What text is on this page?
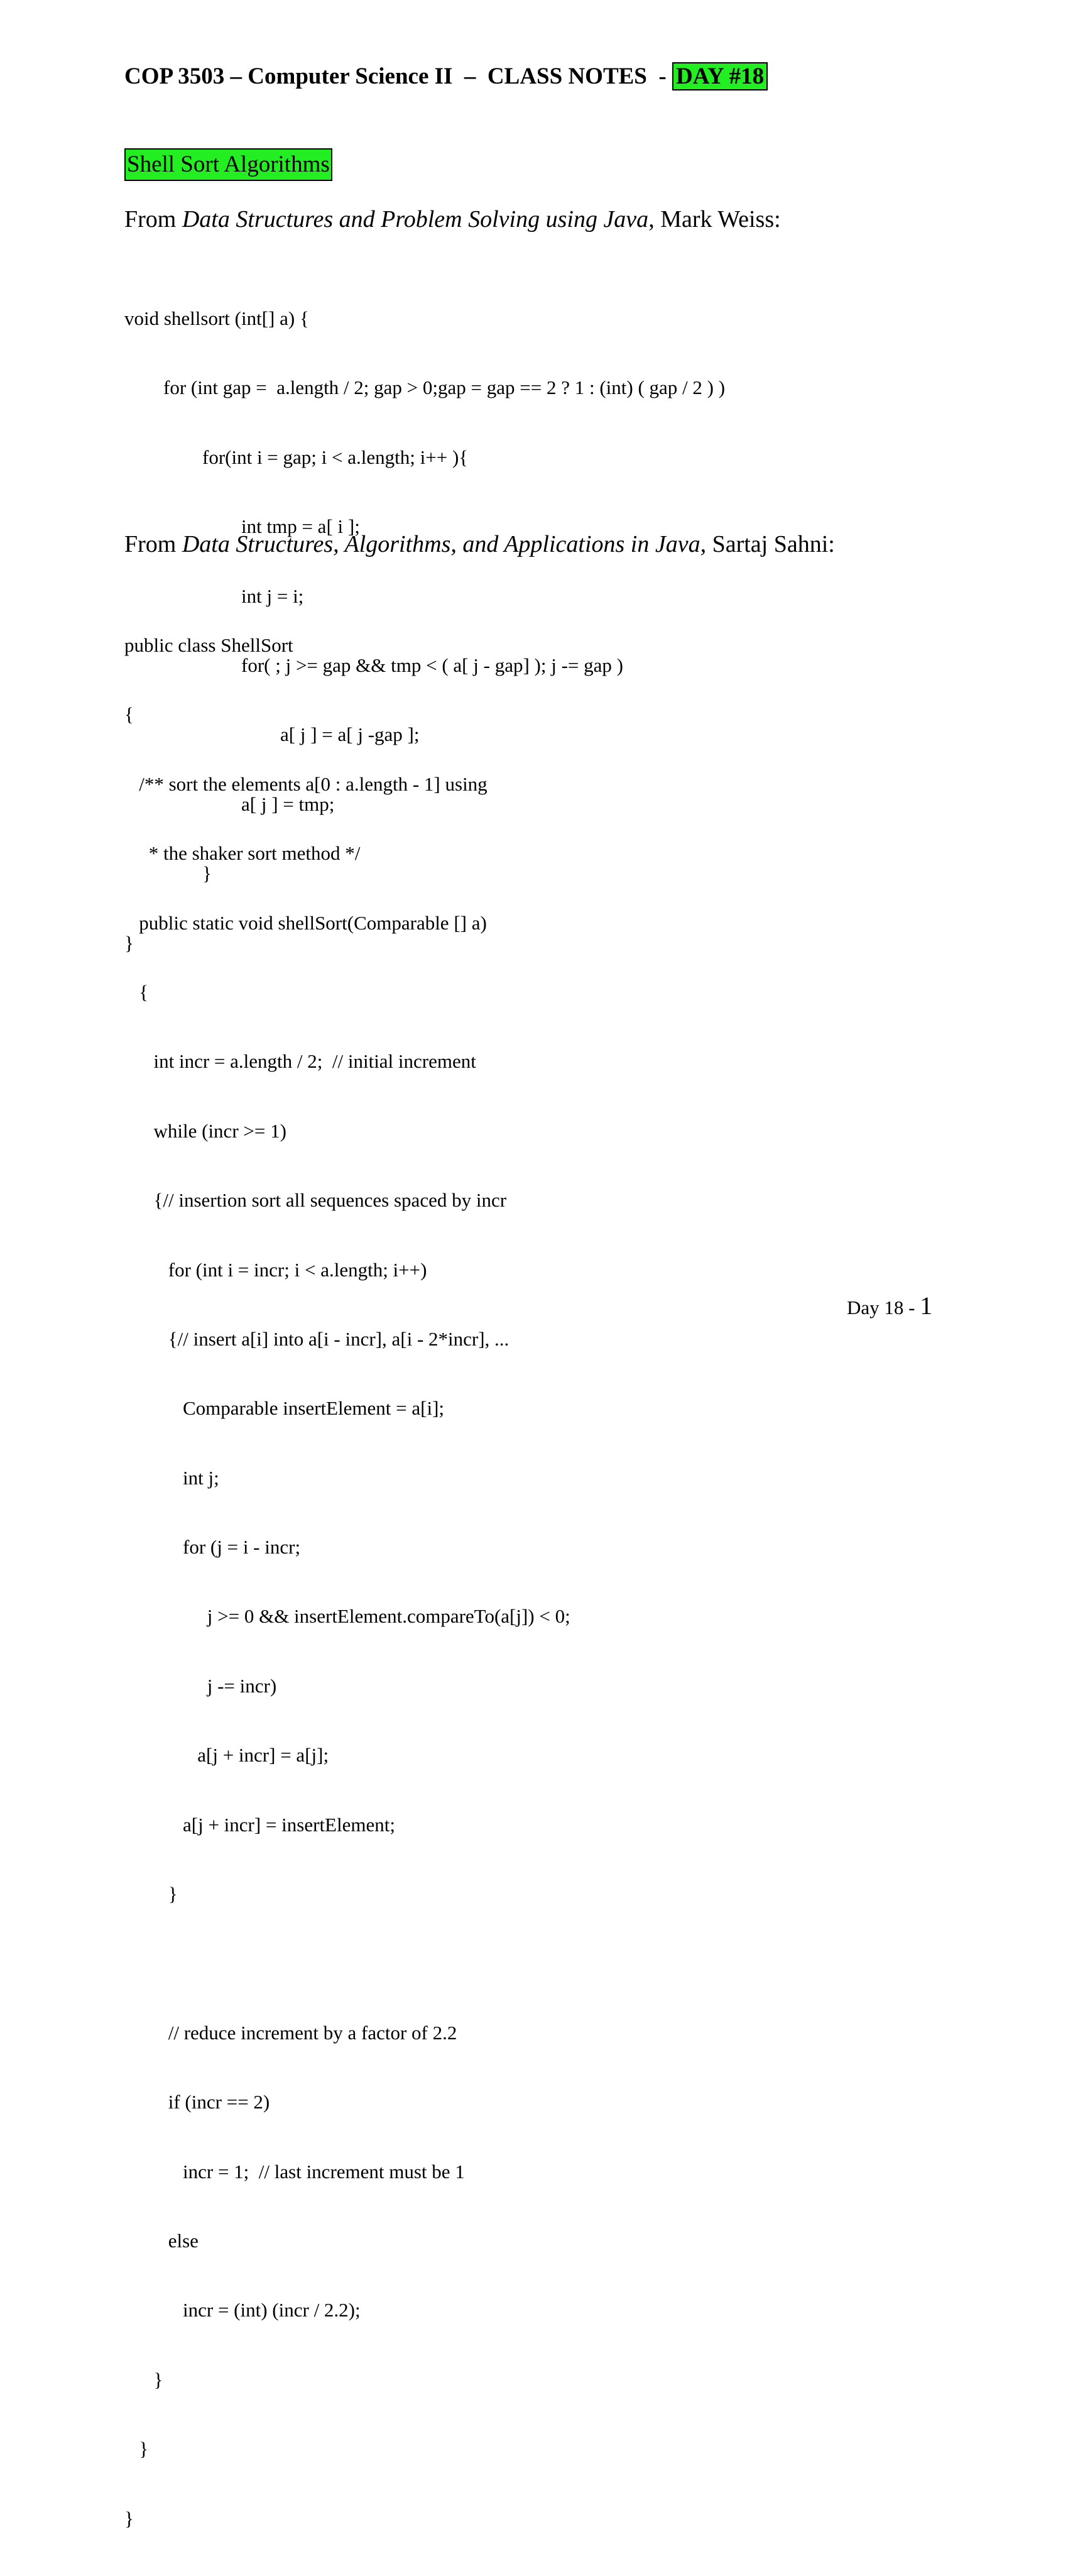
COP 3503 – Computer Science II  –  CLASS NOTES  - DAY #18
Shell Sort Algorithms
From Data Structures and Problem Solving using Java, Mark Weiss:

void shellsort (int[] a) {

for (int gap =  a.length / 2; gap > 0;gap = gap == 2 ? 1 : (int) ( gap / 2 ) )

for(int i = gap; i < a.length; i++ ){

int tmp = a[ i ];

int j = i;

for( ; j >= gap && tmp < ( a[ j - gap] ); j -= gap )

a[ j ] = a[ j -gap ];

a[ j ] = tmp;

}

}

From Data Structures, Algorithms, and Applications in Java, Sartaj Sahni:

public class ShellSort

{

/** sort the elements a[0 : a.length - 1] using

* the shaker sort method */

public static void shellSort(Comparable [] a)

{

int incr = a.length / 2;  // initial increment

while (incr >= 1)

{// insertion sort all sequences spaced by incr

for (int i = incr; i < a.length; i++)

{// insert a[i] into a[i - incr], a[i - 2*incr], ...

Comparable insertElement = a[i];

int j;

for (j = i - incr;

j >= 0 && insertElement.compareTo(a[j]) < 0;

j -= incr)

a[j + incr] = a[j];

a[j + incr] = insertElement;

}

// reduce increment by a factor of 2.2

if (incr == 2)

incr = 1;  // last increment must be 1

else

incr = (int) (incr / 2.2);

}

}

}

Day 18 - 1
